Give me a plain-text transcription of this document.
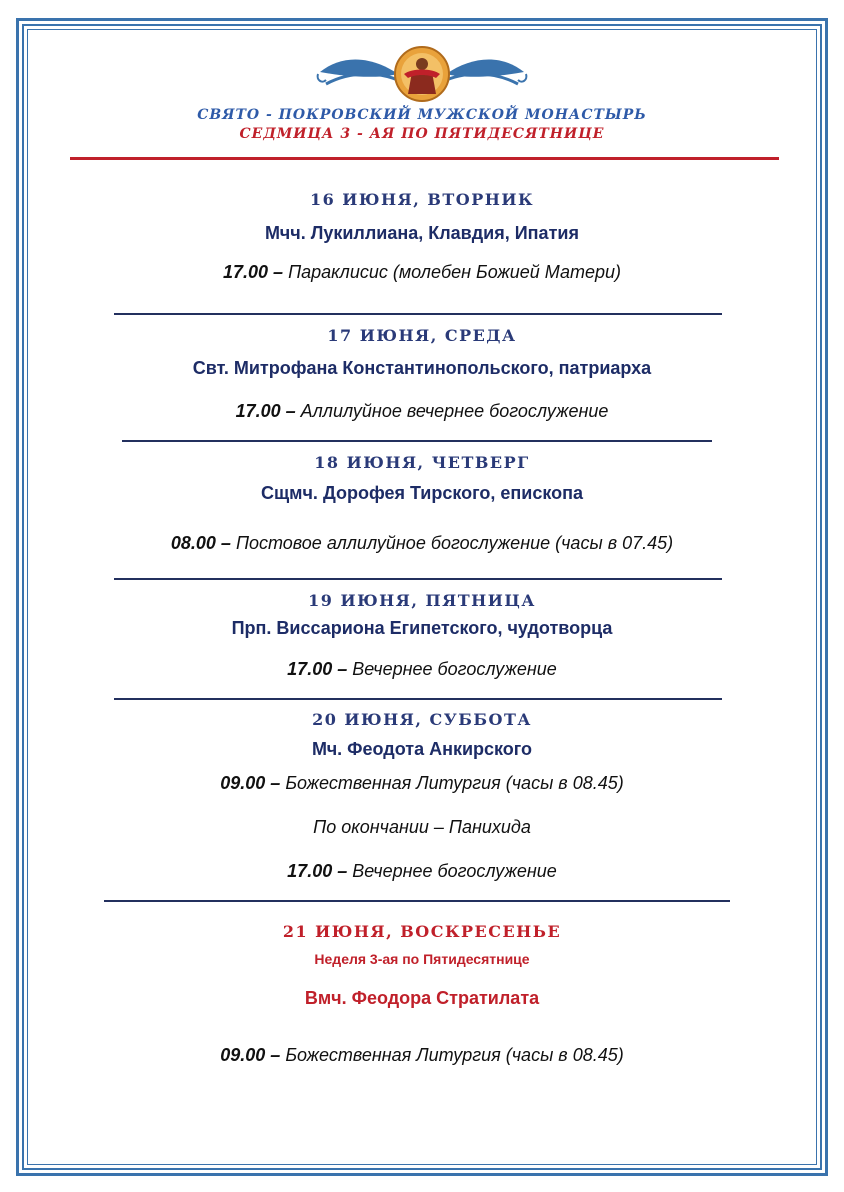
СВЯТО - ПОКРОВСКИЙ МУЖСКОЙ МОНАСТЫРЬ
СЕДМИЦА 3 - АЯ ПО ПЯТИДЕСЯТНИЦЕ
16 ИЮНЯ, ВТОРНИК
Мчч. Лукиллиана, Клавдия, Ипатия
17.00 – Параклисис (молебен Божией Матери)
17 ИЮНЯ, СРЕДА
Свт. Митрофана Константинопольского, патриарха
17.00 – Аллилуйное вечернее богослужение
18 ИЮНЯ, ЧЕТВЕРГ
Сщмч. Дорофея Тирского, епископа
08.00 – Постовое аллилуйное богослужение (часы в 07.45)
19 ИЮНЯ, ПЯТНИЦА
Прп. Виссариона Египетского, чудотворца
17.00 – Вечернее богослужение
20 ИЮНЯ, СУББОТА
Мч. Феодота Анкирского
09.00 – Божественная Литургия (часы в 08.45)
По окончании – Панихида
17.00 – Вечернее богослужение
21 ИЮНЯ, ВОСКРЕСЕНЬЕ
Неделя 3-ая по Пятидесятнице
Вмч. Феодора Стратилата
09.00 – Божественная Литургия (часы в 08.45)
